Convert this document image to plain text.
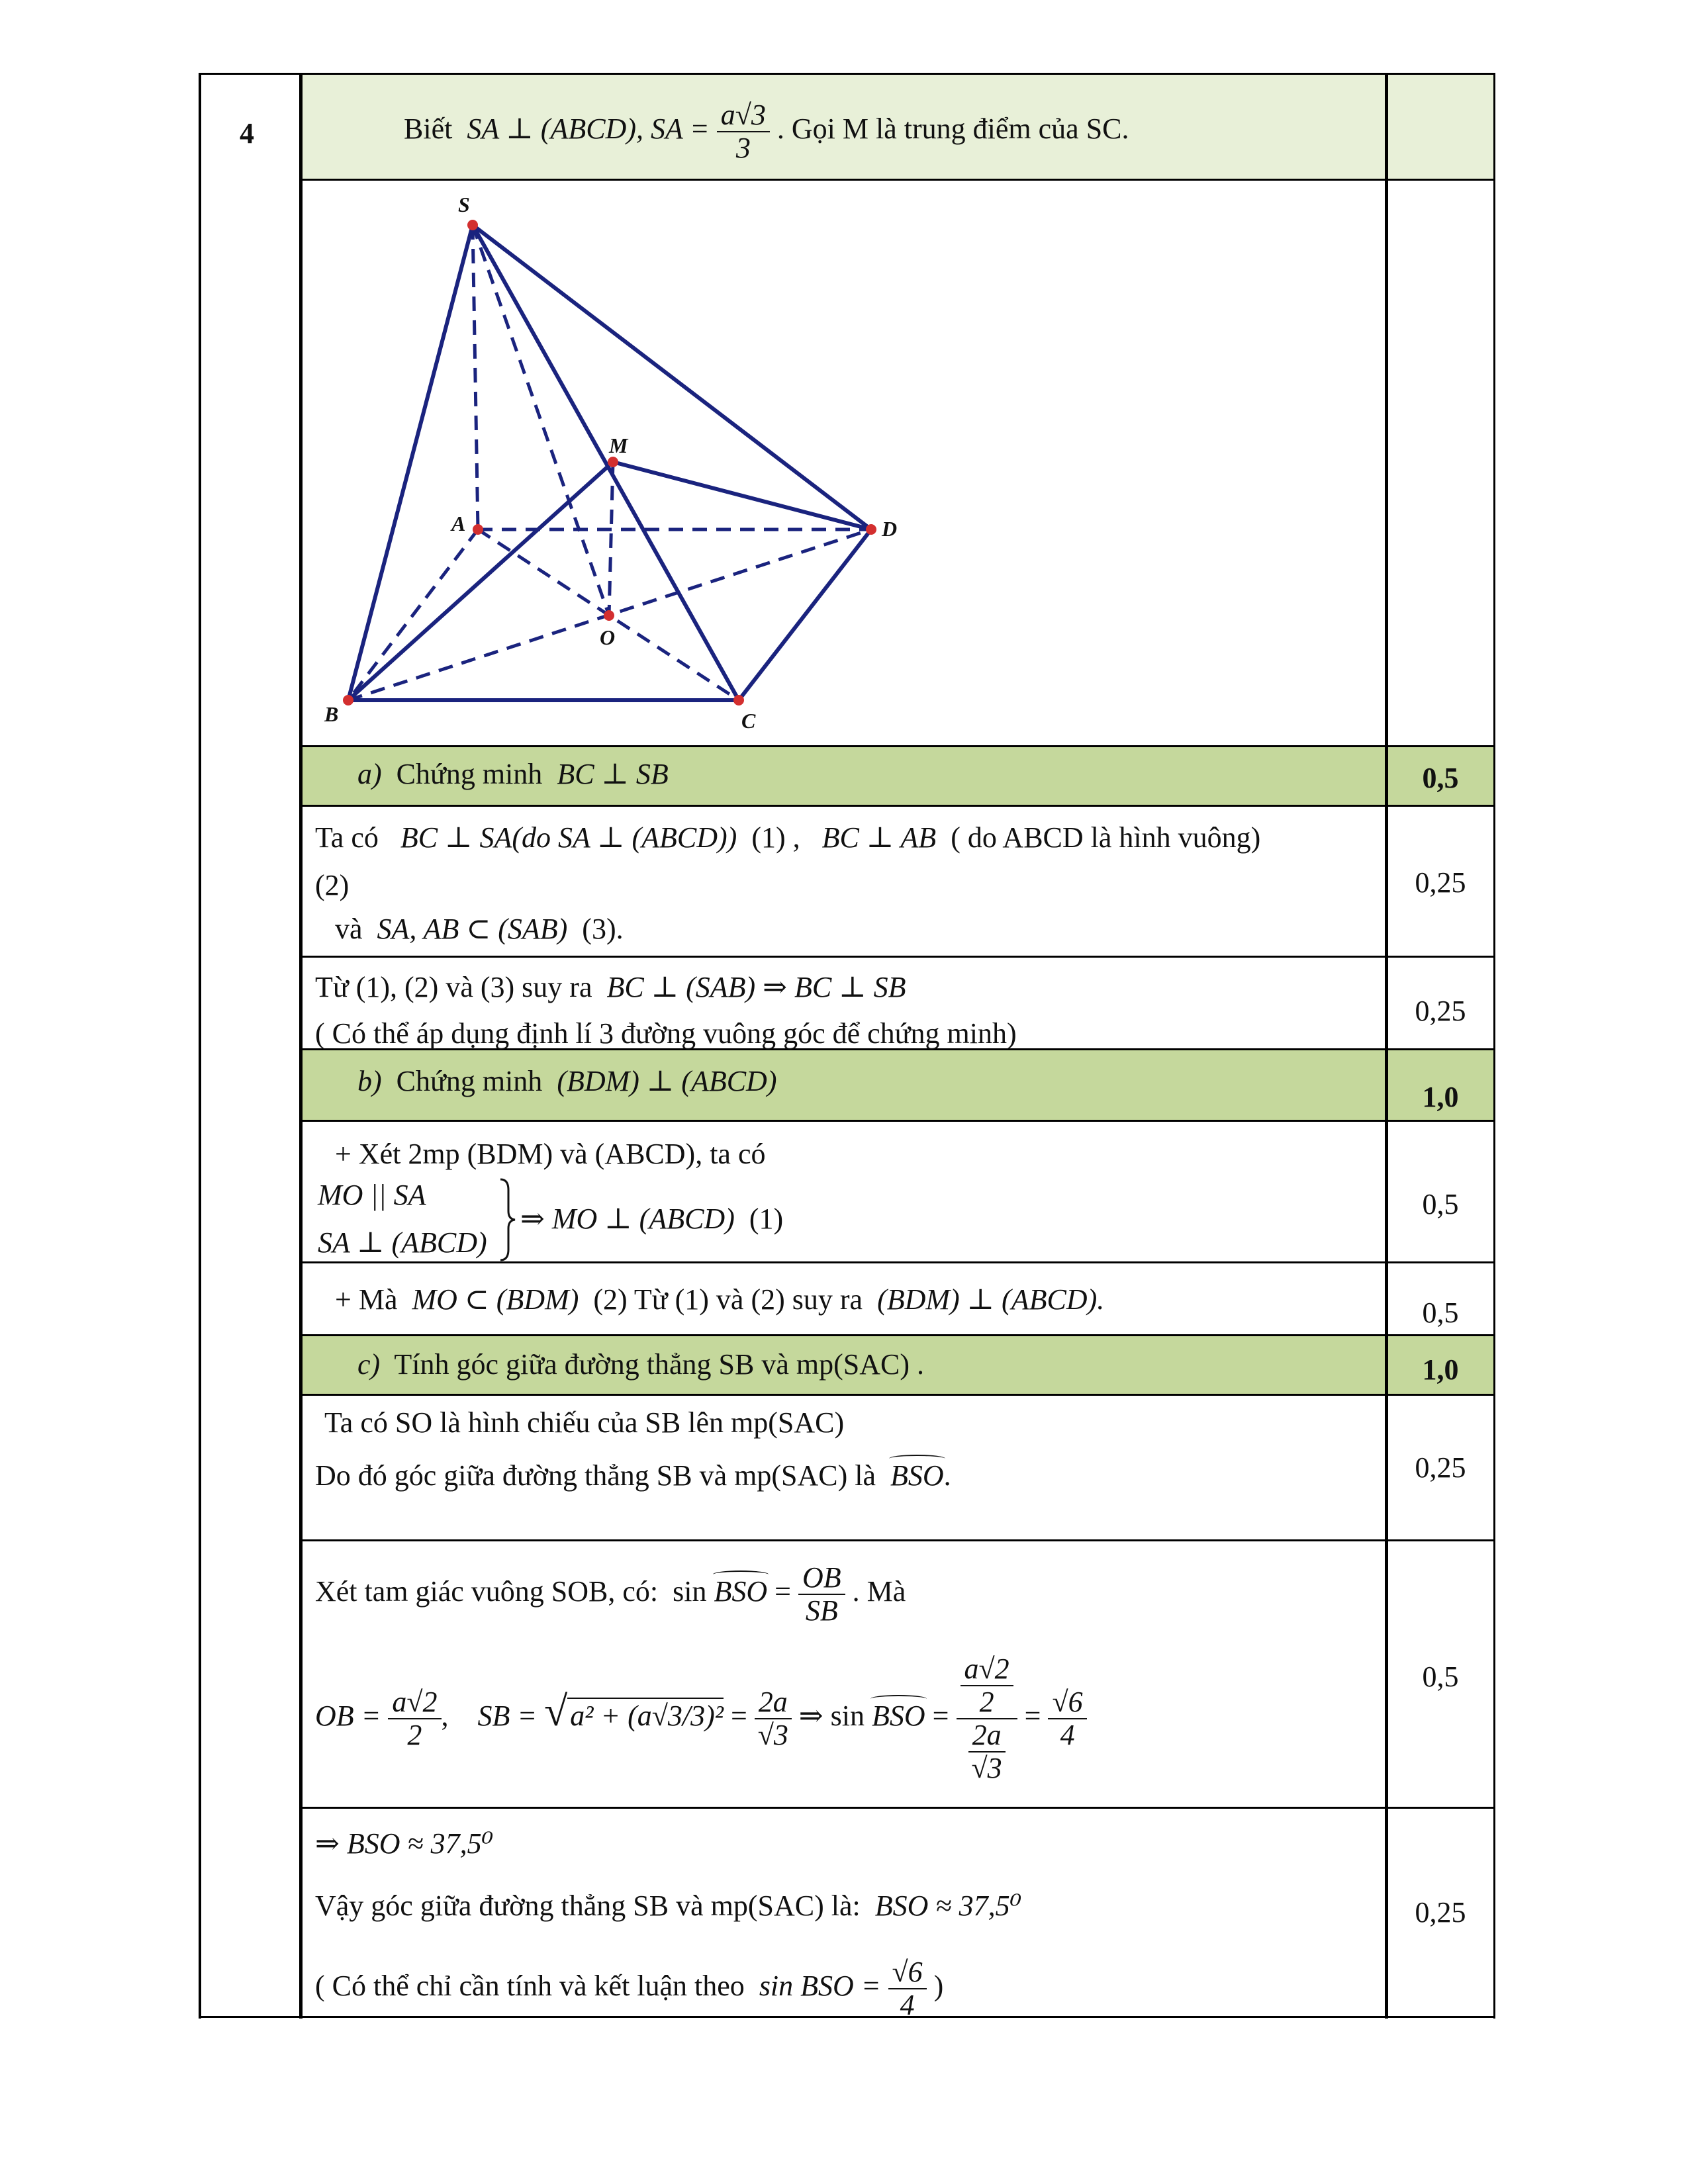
4	Biết SA ⊥ (ABCD), SA = $\frac{a√3}{3}$ . Gọi M là trung điểm của SC.
S
M
A	D
O
B	C
a) Chứng minh BC ⊥ SB	0,5
Ta có BC ⊥ SA(do SA ⊥ (ABCD)) (1) , BC ⊥ AB ( do ABCD là hình vuông)
(2)
và SA, AB ⊂ (SAB) (3).
0,25
Từ (1), (2) và (3) suy ra BC ⊥ (SAB) ⇒ BC ⊥ SB
( Có thể áp dụng định lí 3 đường vuông góc để chứng minh)
0,25
b) Chứng minh (BDM) ⊥ (ABCD)	1,0
+ Xét 2mp (BDM) và (ABCD), ta có
MO || SA
SA ⊥ (ABCD)
⇒ MO ⊥ (ABCD) (1)	0,5
+ Mà MO ⊂ (BDM) (2) Từ (1) và (2) suy ra (BDM) ⊥ (ABCD).	0,5
c) Tính góc giữa đường thẳng SB và mp(SAC) .	1,0
Ta có SO là hình chiếu của SB lên mp(SAC)
Do đó góc giữa đường thẳng SB và mp(SAC) là BSO.	0,25
Xét tam giác vuông SOB, có: sin BSO = $\frac{OB}{SB}$ . Mà
OB = $\frac{a√2}{2}$ ,    SB = $√a^2 + (a√3/3)^2 = \frac{2a}{√3}$ ⇒ sin BSO = $\frac{\frac{a√2}{2}}{\frac{2a}{√3}} = \frac{√6}{4}$
0,5
⇒ BSO ≈ 37,5⁰
Vậy góc giữa đường thẳng SB và mp(SAC) là: BSO ≈ 37,5⁰
( Có thể chỉ cần tính và kết luận theo sin BSO = $\frac{√6}{4}$ )
0,25
